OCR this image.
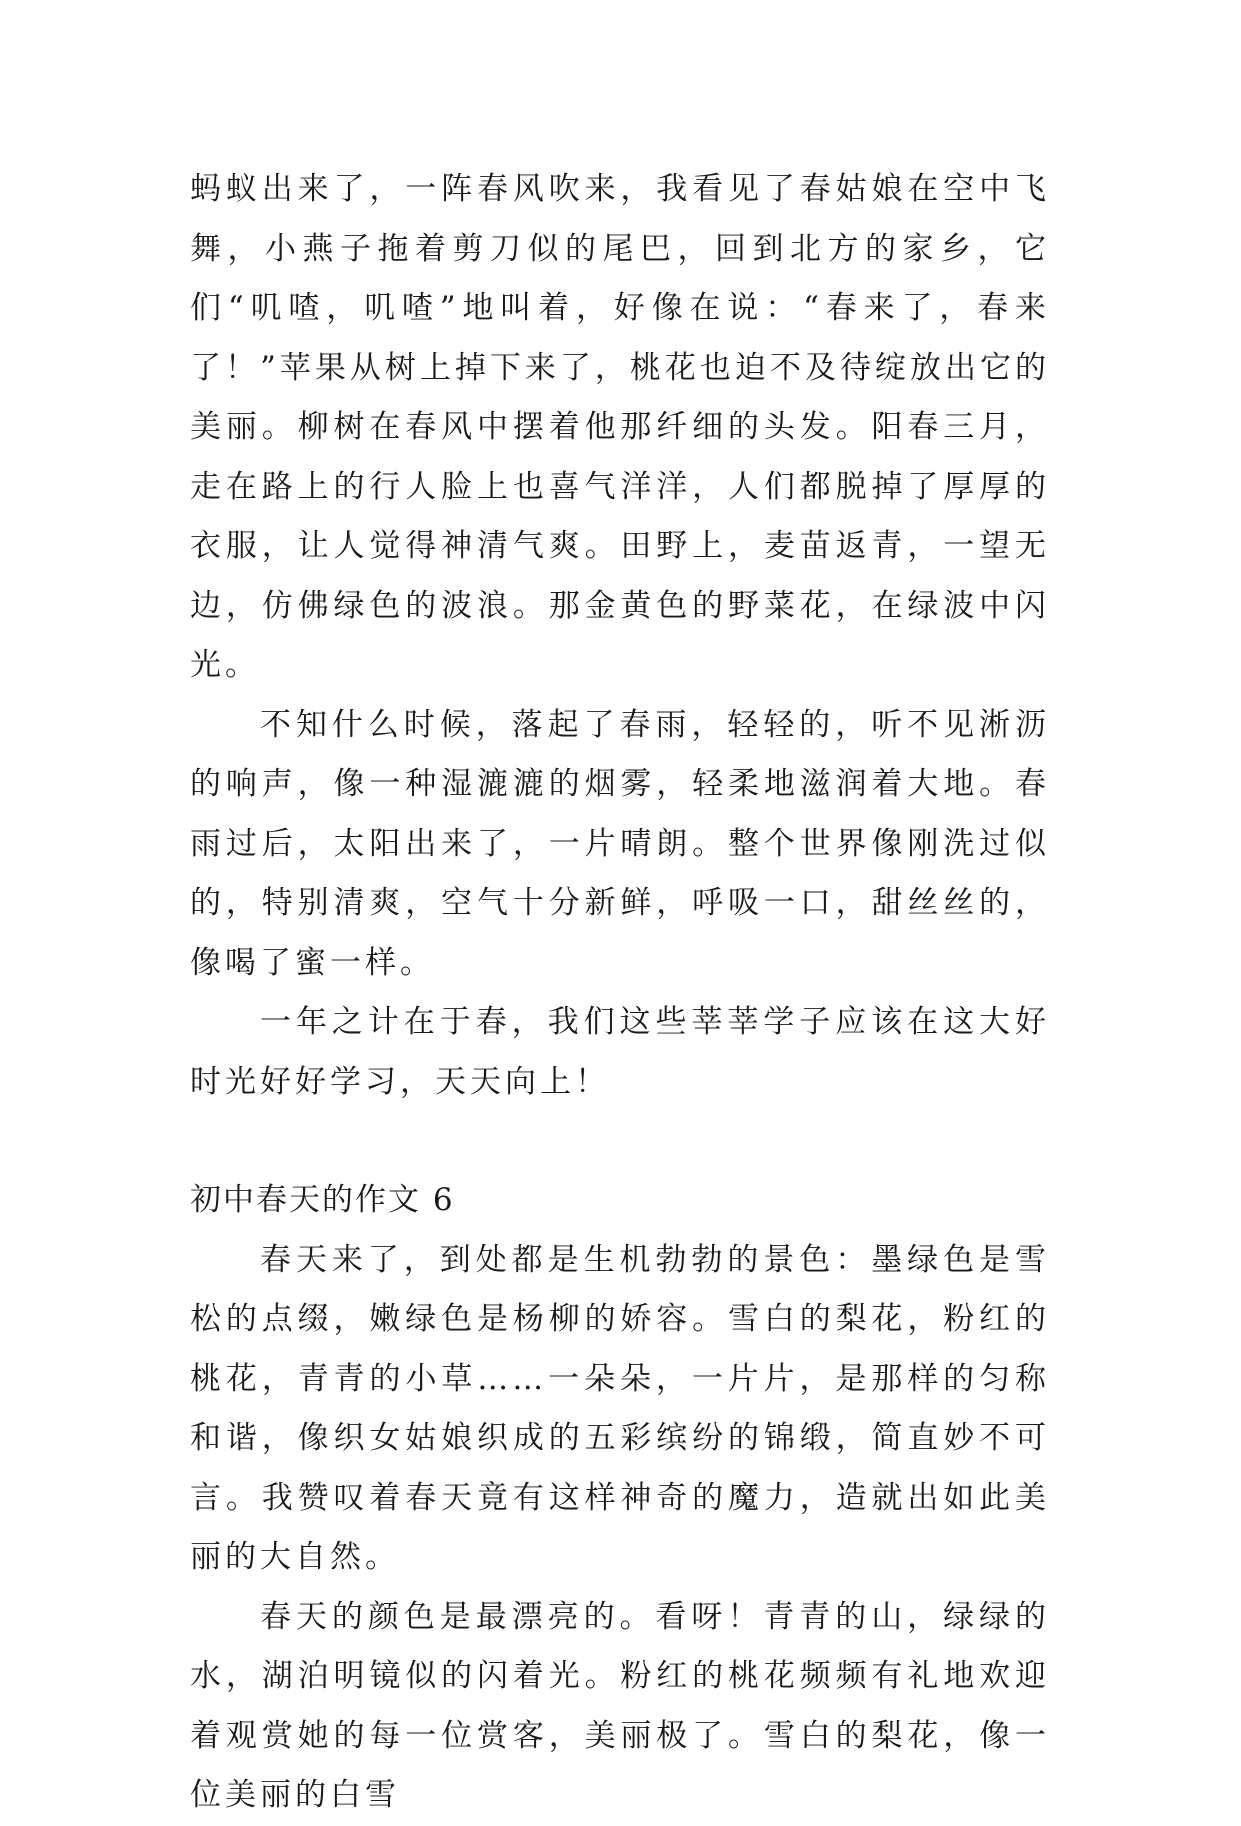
蚂蚁出来了，一阵春风吹来，我看见了春姑娘在空中飞舞，小燕子拖着剪刀似的尾巴，回到北方的家乡，它们“叽喳，叽喳”地叫着，好像在说：“春来了，春来了！”苹果从树上掉下来了，桃花也迫不及待绽放出它的美丽。柳树在春风中摆着他那纤细的头发。阳春三月，走在路上的行人脸上也喜气洋洋，人们都脱掉了厚厚的衣服，让人觉得神清气爽。田野上，麦苗返青，一望无边，仿佛绿色的波浪。那金黄色的野菜花，在绿波中闪光。

不知什么时候，落起了春雨，轻轻的，听不见淅沥的响声，像一种湿漉漉的烟雾，轻柔地滋润着大地。春雨过后，太阳出来了，一片晴朗。整个世界像刚洗过似的，特别清爽，空气十分新鲜，呼吸一口，甜丝丝的，像喝了蜜一样。

一年之计在于春，我们这些莘莘学子应该在这大好时光好好学习，天天向上！

初中春天的作文 6

春天来了，到处都是生机勃勃的景色：墨绿色是雪松的点缀，嫩绿色是杨柳的娇容。雪白的梨花，粉红的桃花，青青的小草……一朵朵，一片片，是那样的匀称和谐，像织女姑娘织成的五彩缤纷的锦缎，简直妙不可言。我赞叹着春天竟有这样神奇的魔力，造就出如此美丽的大自然。

春天的颜色是最漂亮的。看呀！青青的山，绿绿的水，湖泊明镜似的闪着光。粉红的桃花频频有礼地欢迎着观赏她的每一位赏客，美丽极了。雪白的梨花，像一位美丽的白雪
